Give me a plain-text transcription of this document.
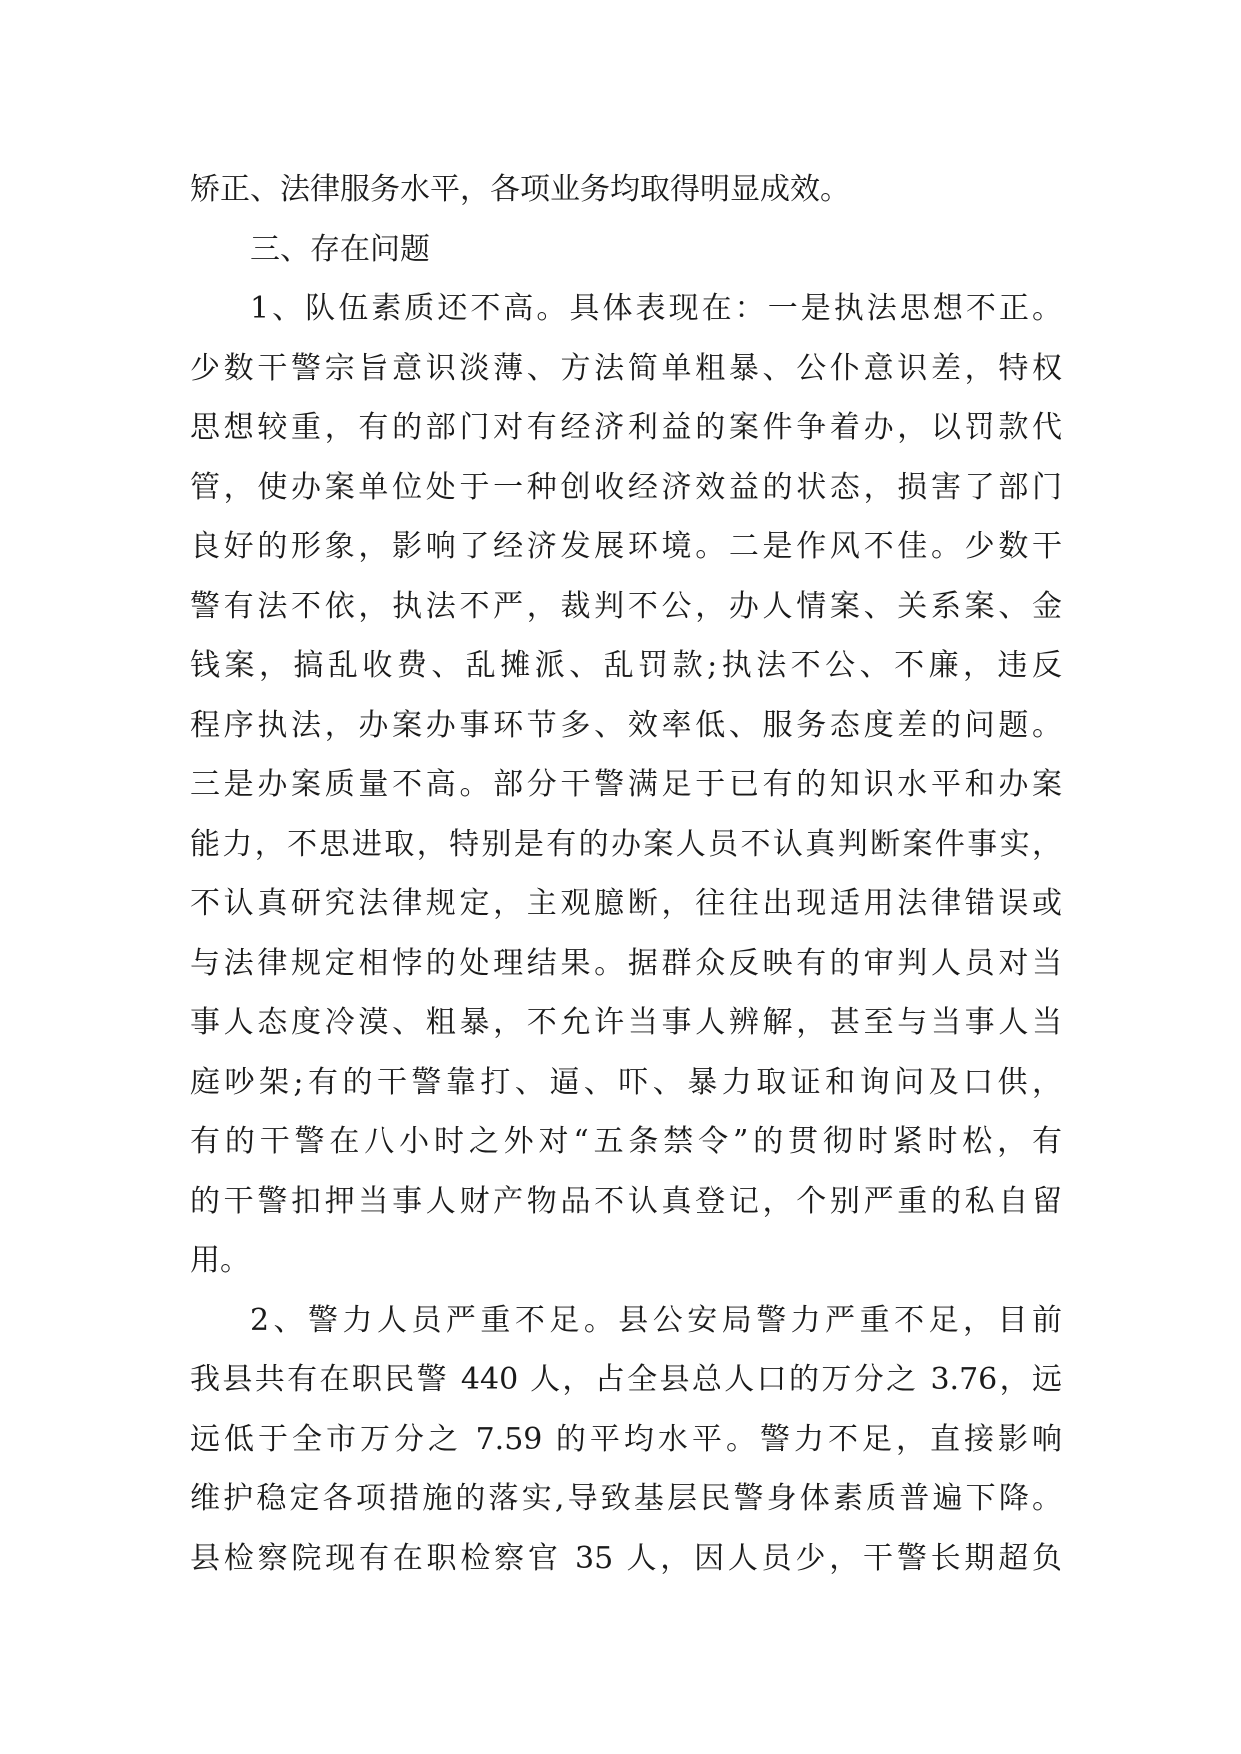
矫正、法律服务水平，各项业务均取得明显成效。
三、存在问题
1、队伍素质还不高。具体表现在：一是执法思想不正。
少数干警宗旨意识淡薄、方法简单粗暴、公仆意识差，特权
思想较重，有的部门对有经济利益的案件争着办，以罚款代
管，使办案单位处于一种创收经济效益的状态，损害了部门
良好的形象，影响了经济发展环境。二是作风不佳。少数干
警有法不依，执法不严，裁判不公，办人情案、关系案、金
钱案，搞乱收费、乱摊派、乱罚款;执法不公、不廉，违反
程序执法，办案办事环节多、效率低、服务态度差的问题。
三是办案质量不高。部分干警满足于已有的知识水平和办案
能力，不思进取，特别是有的办案人员不认真判断案件事实，
不认真研究法律规定，主观臆断，往往出现适用法律错误或
与法律规定相悖的处理结果。据群众反映有的审判人员对当
事人态度冷漠、粗暴，不允许当事人辨解，甚至与当事人当
庭吵架;有的干警靠打、逼、吓、暴力取证和询问及口供，
有的干警在八小时之外对“五条禁令”的贯彻时紧时松，有
的干警扣押当事人财产物品不认真登记，个别严重的私自留
用。
2、警力人员严重不足。县公安局警力严重不足，目前
我县共有在职民警 440 人，占全县总人口的万分之 3.76，远
远低于全市万分之 7.59 的平均水平。警力不足，直接影响
维护稳定各项措施的落实,导致基层民警身体素质普遍下降。
县检察院现有在职检察官 35 人，因人员少，干警长期超负
